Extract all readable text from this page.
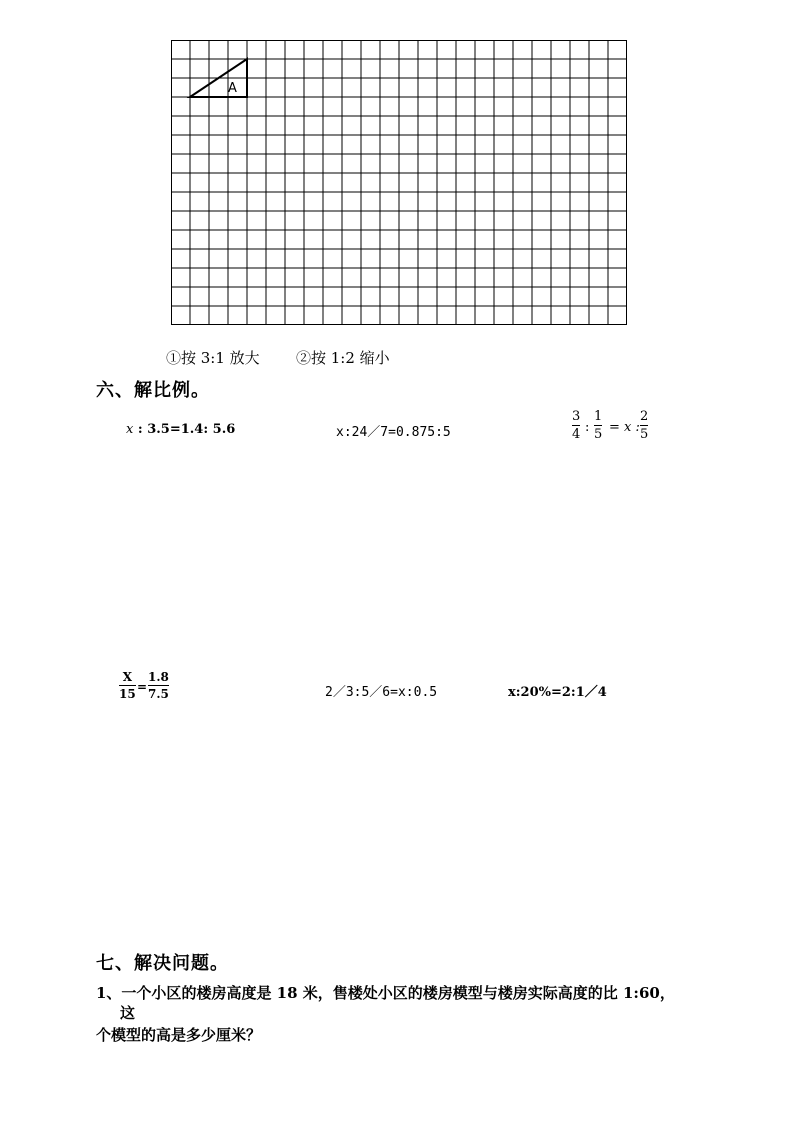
A
①按 3:1 放大 ②按 1:2 缩小
六、解比例。
x : 3.5=1.4: 5.6	x:24／7=0.875:5
3
4 :
1
5 = x :
2
5
X
15 =
1.8
7.5	2／3:5／6=x:0.5	x:20%=2:1／4
七、解决问题。
1、一个小区的楼房高度是 18 米，售楼处小区的楼房模型与楼房实际高度的比 1:60，
这
个模型的高是多少厘米？
